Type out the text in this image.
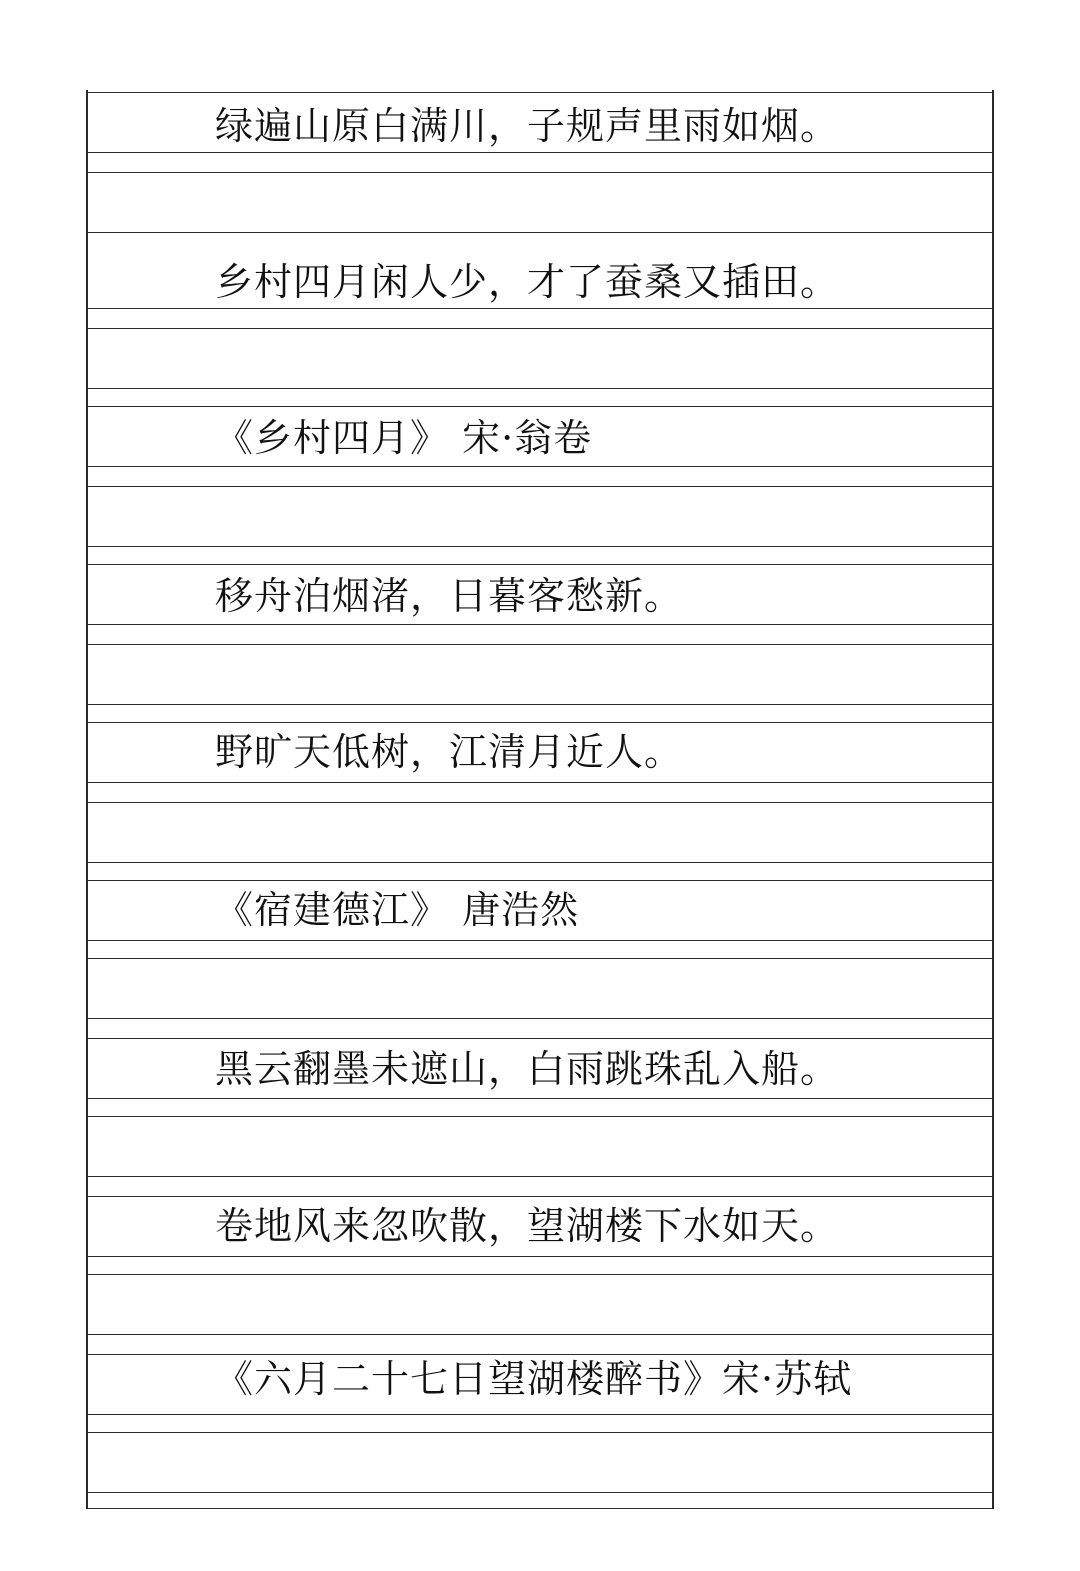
绿遍山原白满川，子规声里雨如烟。
乡村四月闲人少，才了蚕桑又插田。
《乡村四月》 宋·翁卷
移舟泊烟渚，日暮客愁新。
野旷天低树，江清月近人。
《宿建德江》 唐浩然
黑云翻墨未遮山，白雨跳珠乱入船。
卷地风来忽吹散，望湖楼下水如天。
《六月二十七日望湖楼醉书》宋·苏轼
